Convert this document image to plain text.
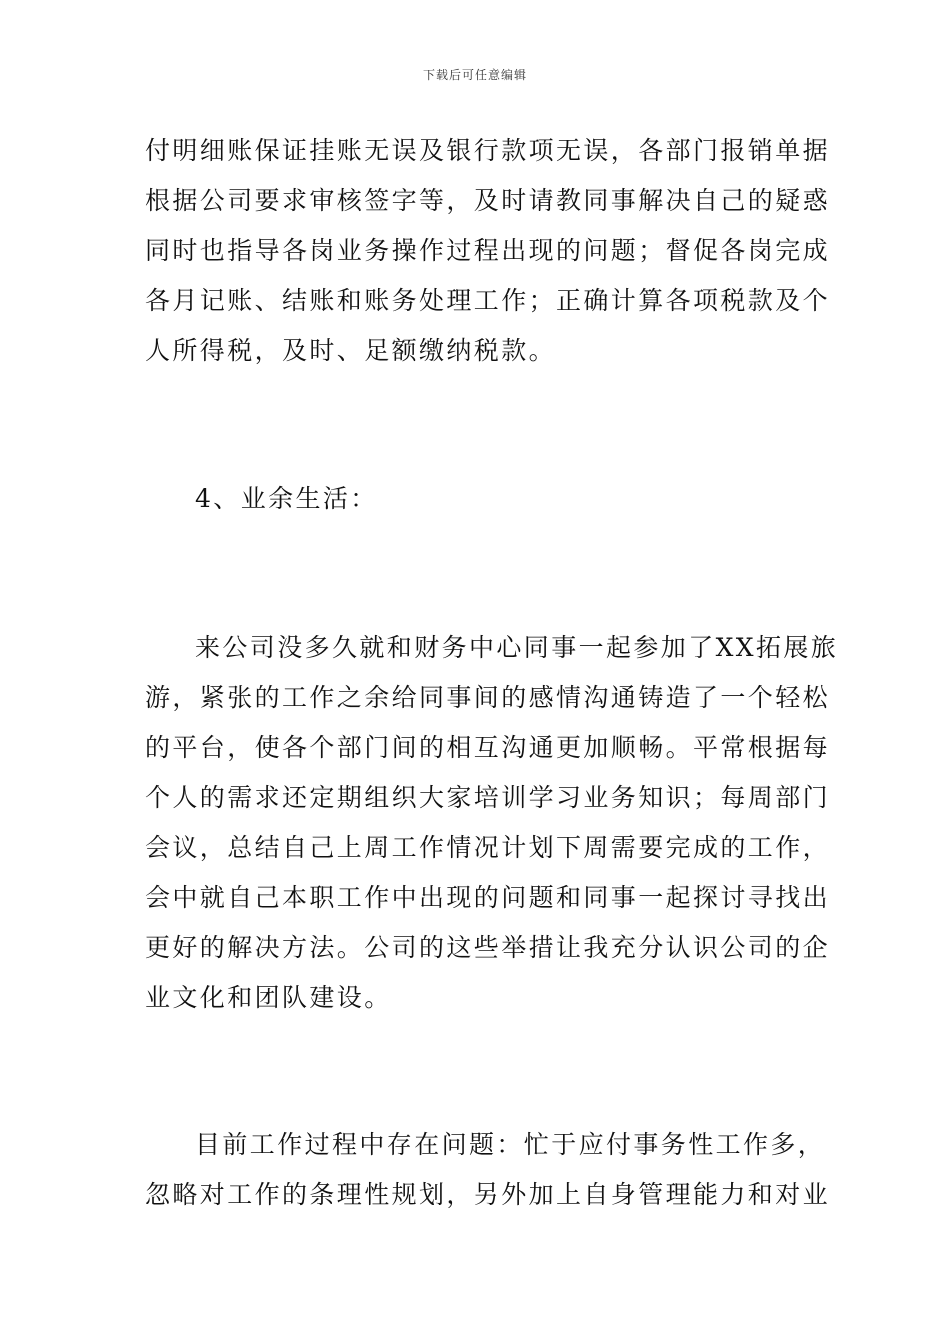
下载后可任意编辑
付明细账保证挂账无误及银行款项无误，各部门报销单据
根据公司要求审核签字等，及时请教同事解决自己的疑惑
同时也指导各岗业务操作过程出现的问题；督促各岗完成
各月记账、结账和账务处理工作；正确计算各项税款及个
人所得税，及时、足额缴纳税款。
4、业余生活：
来公司没多久就和财务中心同事一起参加了XX拓展旅
游，紧张的工作之余给同事间的感情沟通铸造了一个轻松
的平台，使各个部门间的相互沟通更加顺畅。平常根据每
个人的需求还定期组织大家培训学习业务知识；每周部门
会议，总结自己上周工作情况计划下周需要完成的工作，
会中就自己本职工作中出现的问题和同事一起探讨寻找出
更好的解决方法。公司的这些举措让我充分认识公司的企
业文化和团队建设。
目前工作过程中存在问题：忙于应付事务性工作多，
忽略对工作的条理性规划，另外加上自身管理能力和对业
